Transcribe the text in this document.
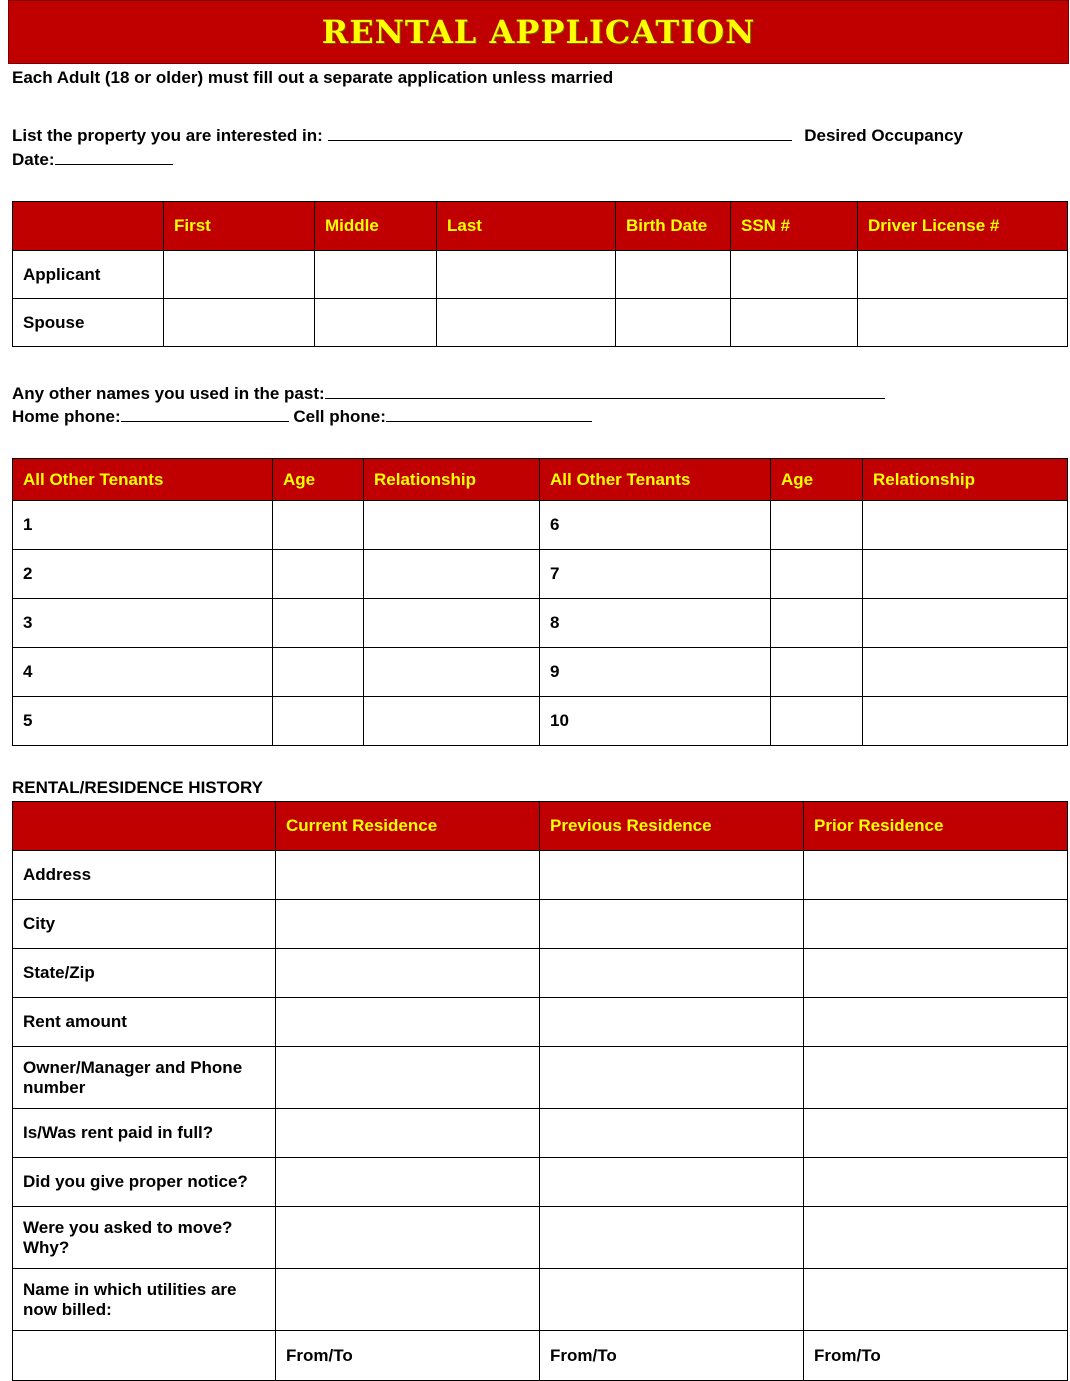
RENTAL APPLICATION
Each Adult (18 or older) must fill out a separate application unless married
List the property you are interested in:	Desired Occupancy
Date:
	First	Middle	Last	Birth Date	SSN #	Driver License #
Applicant						
Spouse						
Any other names you used in the past:
Home phone:	Cell phone:
All Other Tenants	Age	Relationship	All Other Tenants	Age	Relationship
1			6		
2			7		
3			8		
4			9		
5			10		
RENTAL/RESIDENCE HISTORY
	Current Residence	Previous Residence	Prior Residence
Address			
City			
State/Zip			
Rent amount			
Owner/Manager and Phone number			
Is/Was rent paid in full?			
Did you give proper notice?			
Were you asked to move? Why?			
Name in which utilities are now billed:			
	From/To	From/To	From/To
